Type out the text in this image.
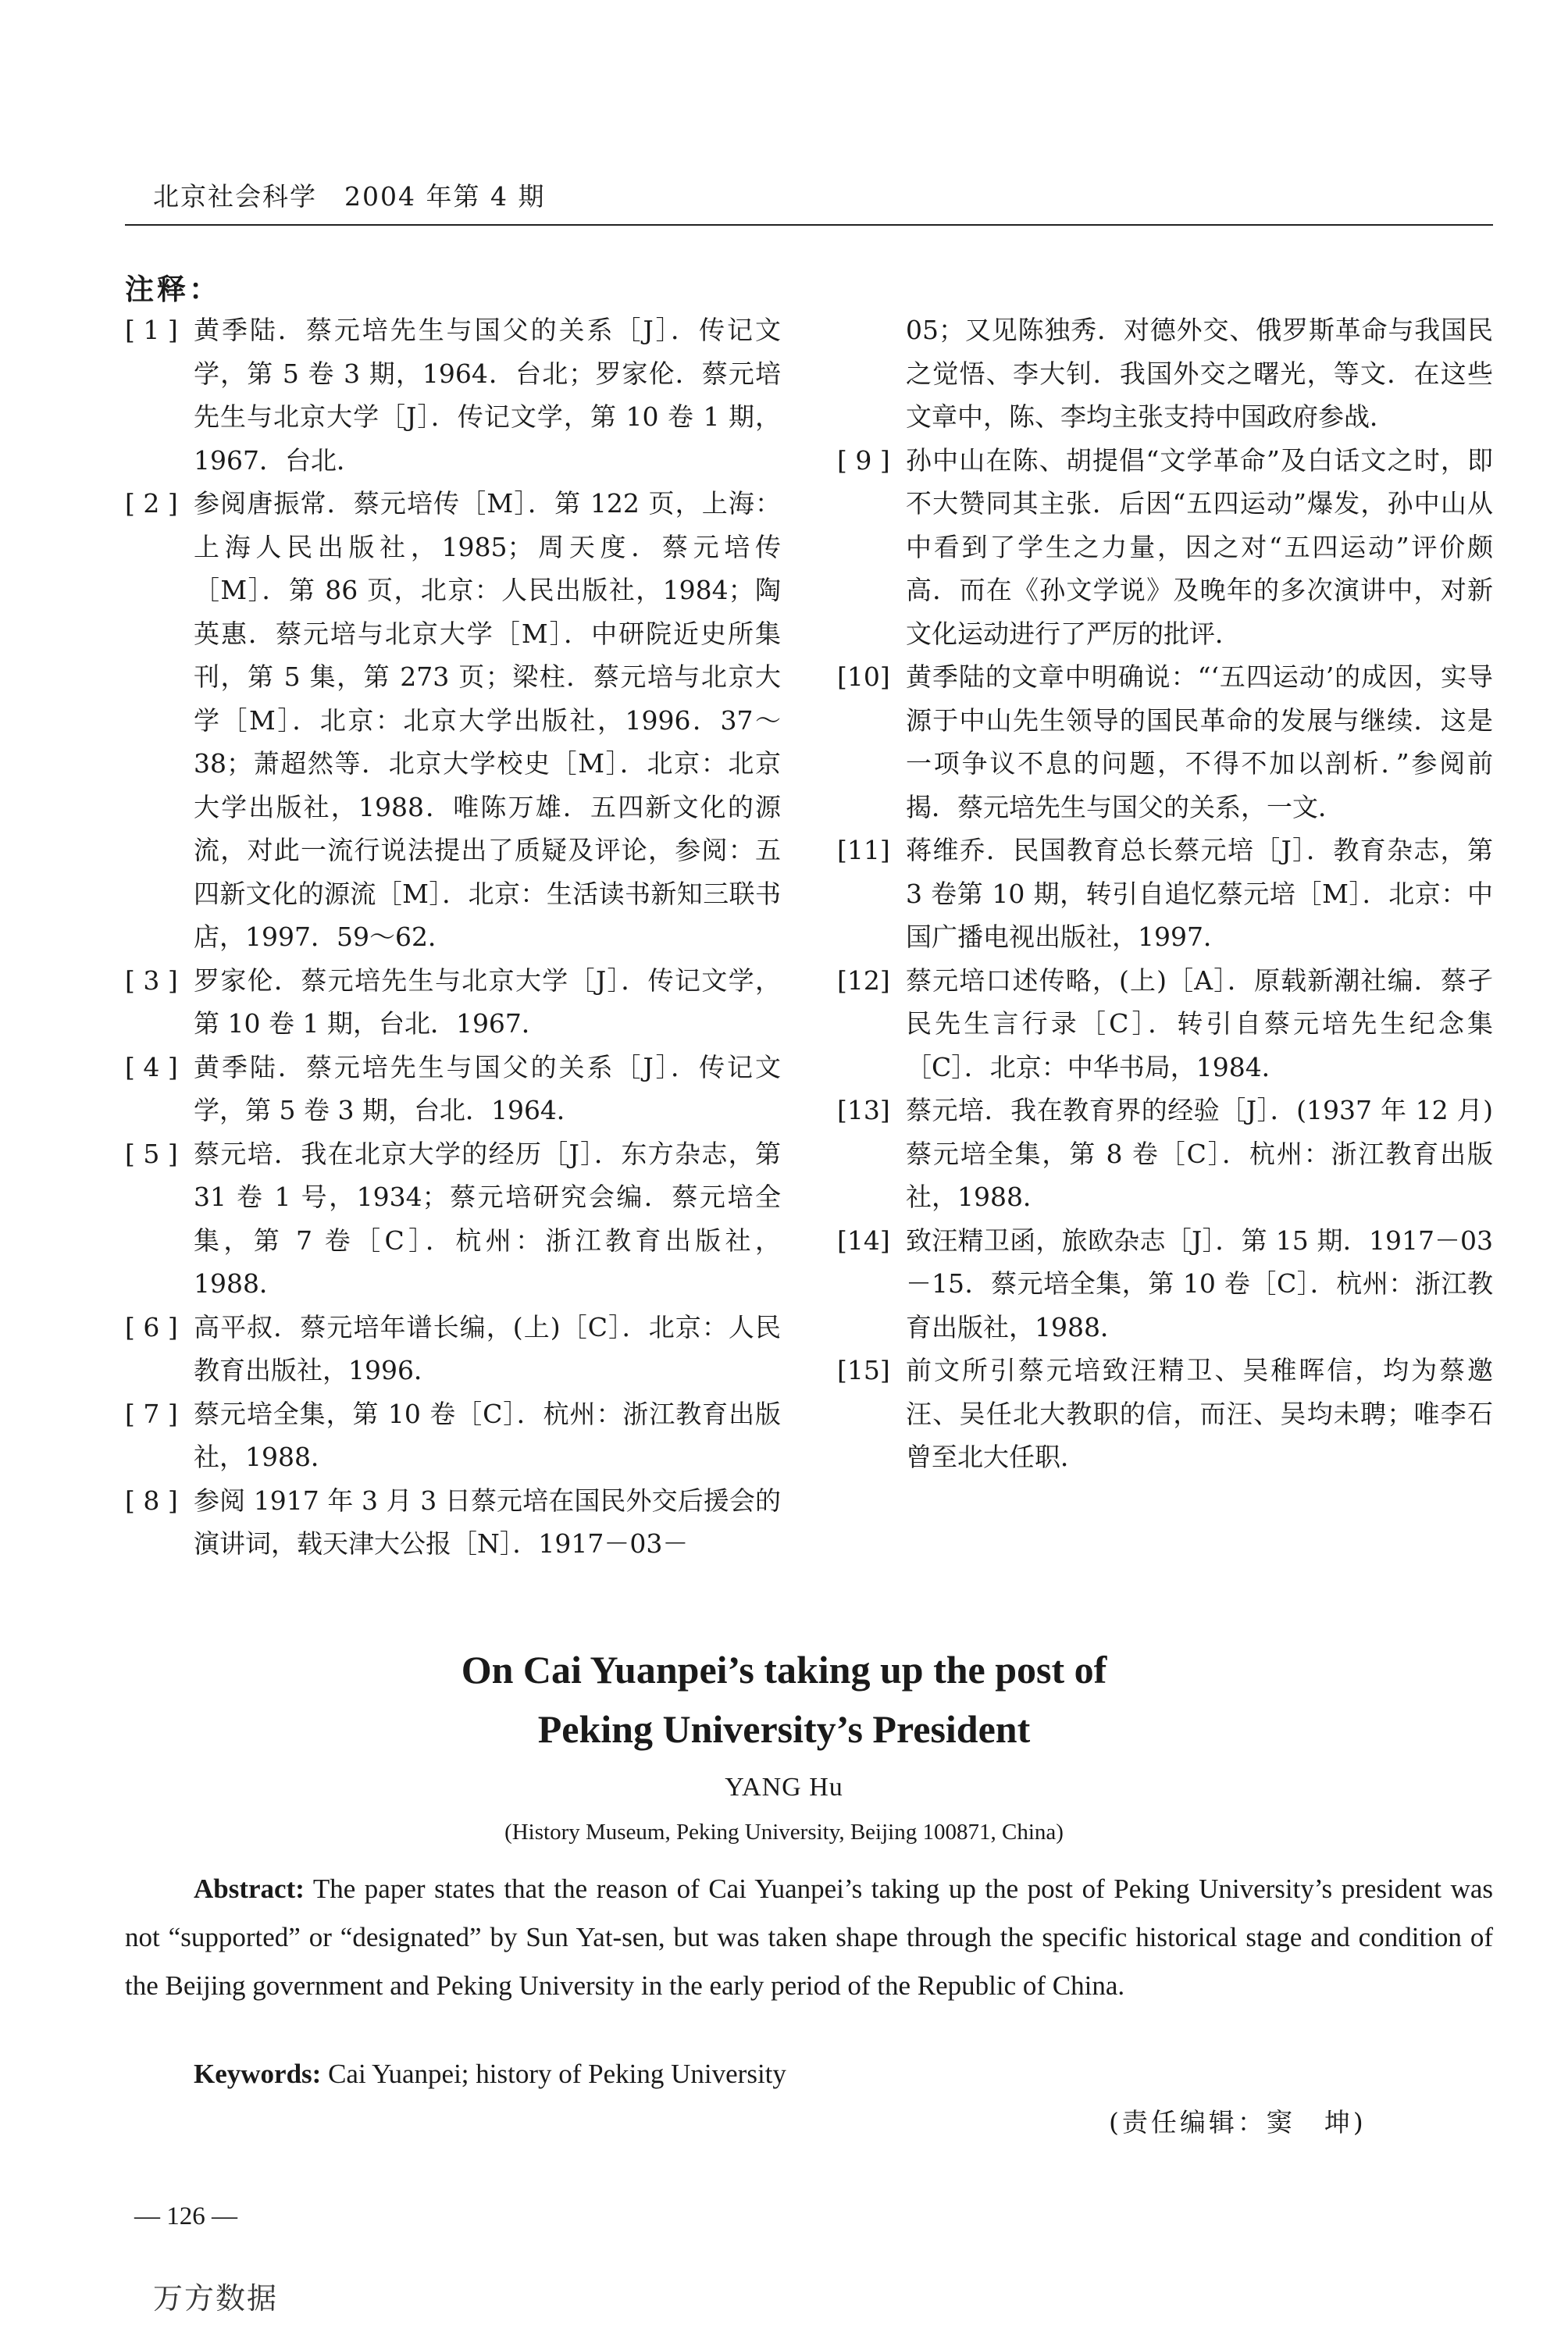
北京社会科学　2004 年第 4 期
注释：

[ 1 ] 黄季陆．蔡元培先生与国父的关系［J］．传记文学，第 5 卷 3 期，1964．台北；罗家伦．蔡元培先生与北京大学［J］．传记文学，第 10 卷 1 期，1967．台北．

[ 2 ] 参阅唐振常．蔡元培传［M］．第 122 页，上海：上海人民出版社，1985；周天度．蔡元培传［M］．第 86 页，北京：人民出版社，1984；陶英惠．蔡元培与北京大学［M］．中研院近史所集刊，第 5 集，第 273 页；梁柱．蔡元培与北京大学［M］．北京：北京大学出版社，1996．37～38；萧超然等．北京大学校史［M］．北京：北京大学出版社，1988．唯陈万雄．五四新文化的源流，对此一流行说法提出了质疑及评论，参阅：五四新文化的源流［M］．北京：生活读书新知三联书店，1997．59～62．

[ 3 ] 罗家伦．蔡元培先生与北京大学［J］．传记文学，第 10 卷 1 期，台北．1967．

[ 4 ] 黄季陆．蔡元培先生与国父的关系［J］．传记文学，第 5 卷 3 期，台北．1964．

[ 5 ] 蔡元培．我在北京大学的经历［J］．东方杂志，第 31 卷 1 号，1934；蔡元培研究会编．蔡元培全集，第 7 卷［C］．杭州：浙江教育出版社，1988．

[ 6 ] 高平叔．蔡元培年谱长编，(上)［C］．北京：人民教育出版社，1996．

[ 7 ] 蔡元培全集，第 10 卷［C］．杭州：浙江教育出版社，1988．

[ 8 ] 参阅 1917 年 3 月 3 日蔡元培在国民外交后援会的演讲词，载天津大公报［N］．1917－03－

05；又见陈独秀．对德外交、俄罗斯革命与我国民之觉悟、李大钊．我国外交之曙光，等文．在这些文章中，陈、李均主张支持中国政府参战．

[ 9 ] 孙中山在陈、胡提倡“文学革命”及白话文之时，即不大赞同其主张．后因“五四运动”爆发，孙中山从中看到了学生之力量，因之对“五四运动”评价颇高．而在《孙文学说》及晚年的多次演讲中，对新文化运动进行了严厉的批评．

[10] 黄季陆的文章中明确说：“‘五四运动’的成因，实导源于中山先生领导的国民革命的发展与继续．这是一项争议不息的问题，不得不加以剖析．”参阅前揭．蔡元培先生与国父的关系，一文．

[11] 蒋维乔．民国教育总长蔡元培［J］．教育杂志，第 3 卷第 10 期，转引自追忆蔡元培［M］．北京：中国广播电视出版社，1997．

[12] 蔡元培口述传略，(上)［A］．原载新潮社编．蔡孑民先生言行录［C］．转引自蔡元培先生纪念集［C］．北京：中华书局，1984．

[13] 蔡元培．我在教育界的经验［J］．(1937 年 12 月)蔡元培全集，第 8 卷［C］．杭州：浙江教育出版社，1988．

[14] 致汪精卫函，旅欧杂志［J］．第 15 期．1917－03－15．蔡元培全集，第 10 卷［C］．杭州：浙江教育出版社，1988．

[15] 前文所引蔡元培致汪精卫、吴稚晖信，均为蔡邀汪、吴任北大教职的信，而汪、吴均未聘；唯李石曾至北大任职．

On Cai Yuanpei’s taking up the post of
Peking University’s President
YANG Hu
(History Museum, Peking University, Beijing 100871, China)
Abstract: The paper states that the reason of Cai Yuanpei’s taking up the post of Peking University’s president was not “supported” or “designated” by Sun Yat-sen, but was taken shape through the specific historical stage and condition of the Beijing government and Peking University in the early period of the Republic of China.
Keywords: Cai Yuanpei; history of Peking University
(责任编辑：窦　坤)
— 126 —
万方数据
